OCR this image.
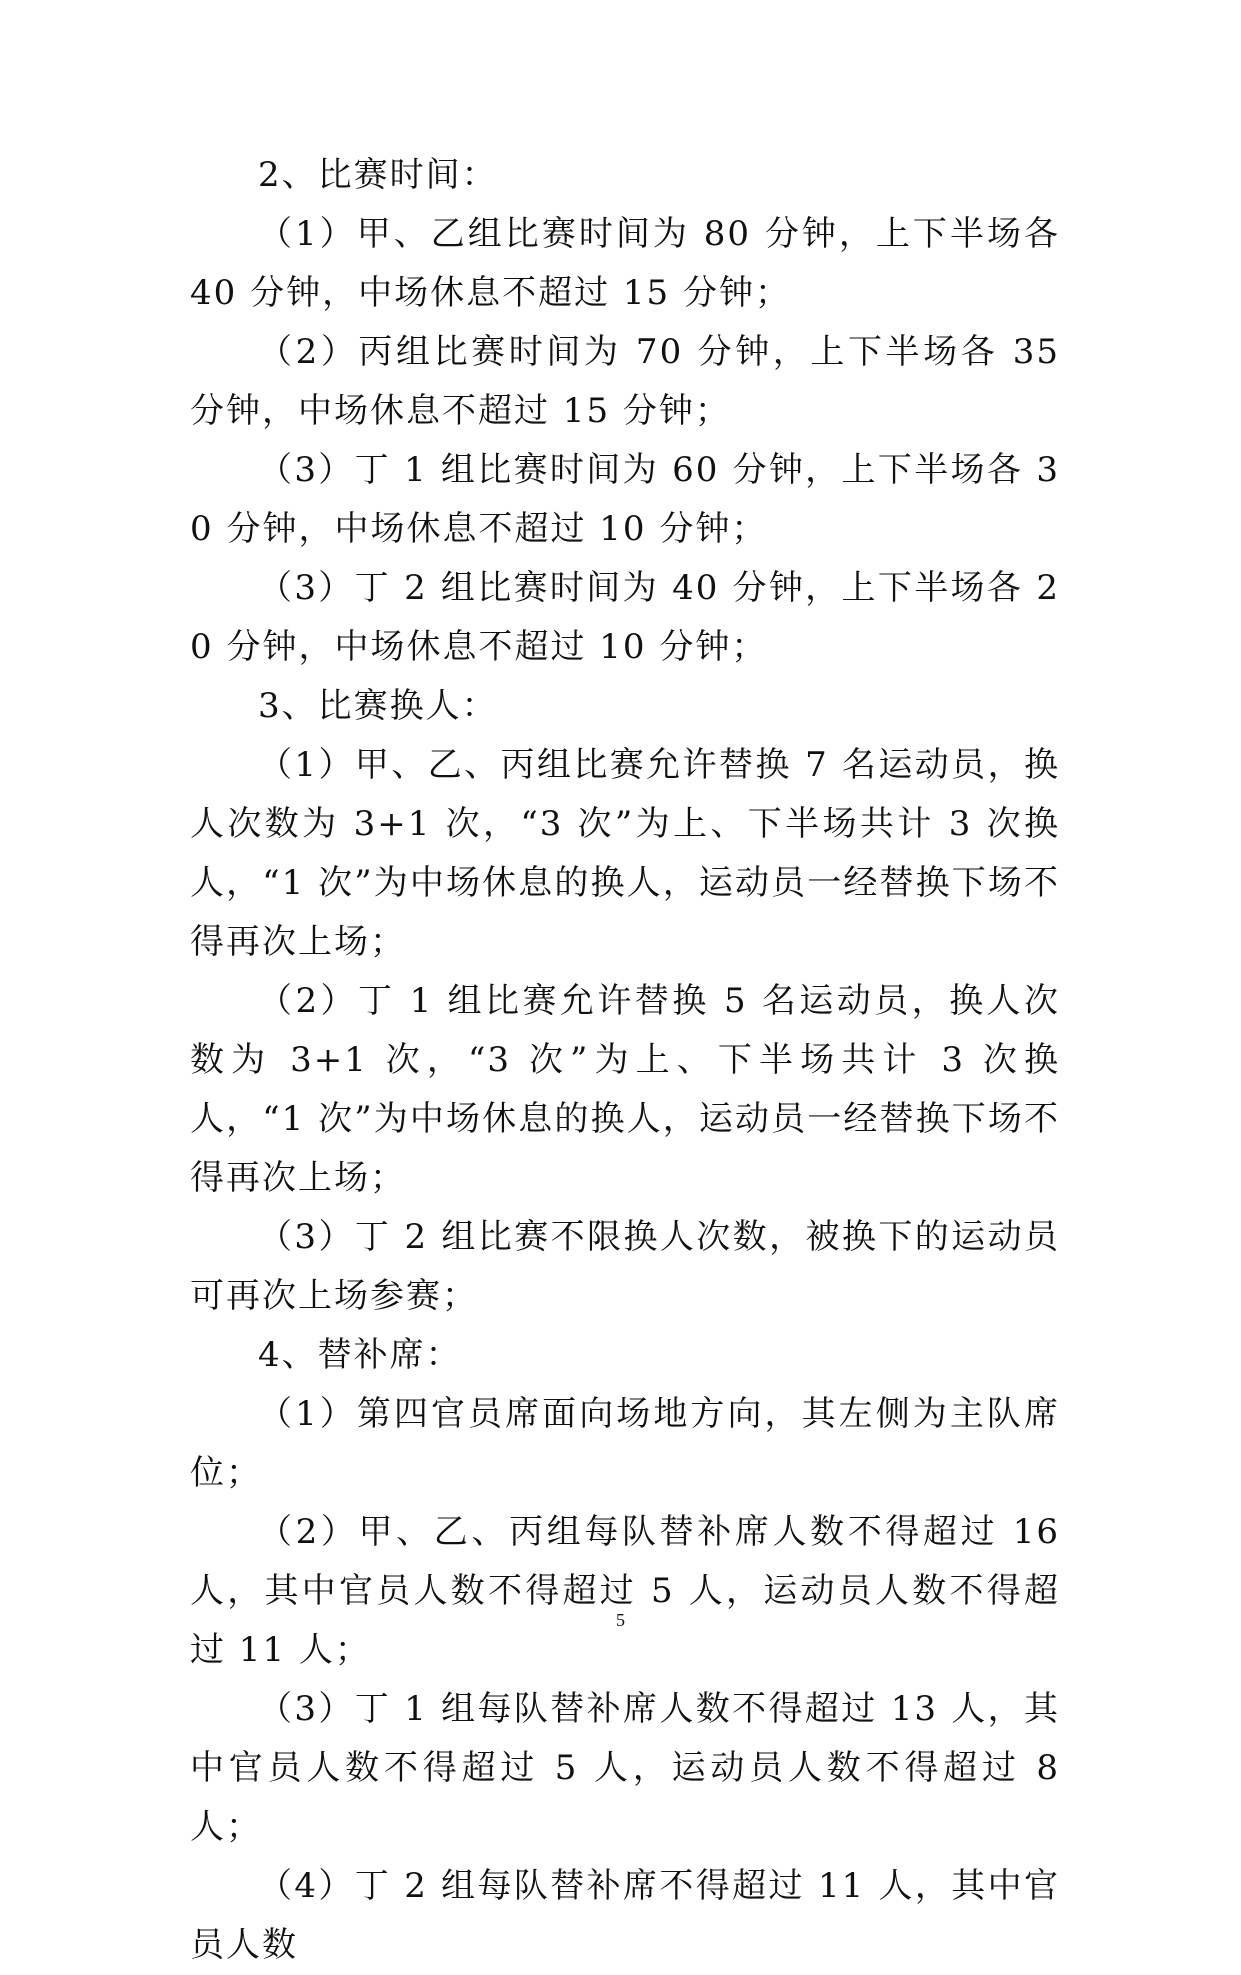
2、比赛时间：

（1）甲、乙组比赛时间为 80 分钟，上下半场各 40 分钟，中场休息不超过 15 分钟；

（2）丙组比赛时间为 70 分钟，上下半场各 35 分钟，中场休息不超过 15 分钟；

（3）丁 1 组比赛时间为 60 分钟，上下半场各 30 分钟，中场休息不超过 10 分钟；

（3）丁 2 组比赛时间为 40 分钟，上下半场各 20 分钟，中场休息不超过 10 分钟；

3、比赛换人：

（1）甲、乙、丙组比赛允许替换 7 名运动员，换人次数为 3+1 次，“3 次”为上、下半场共计 3 次换人，“1 次”为中场休息的换人，运动员一经替换下场不得再次上场；

（2）丁 1 组比赛允许替换 5 名运动员，换人次数为 3+1 次，“3 次”为上、下半场共计 3 次换人，“1 次”为中场休息的换人，运动员一经替换下场不得再次上场；

（3）丁 2 组比赛不限换人次数，被换下的运动员可再次上场参赛；

4、替补席：

（1）第四官员席面向场地方向，其左侧为主队席位；

（2）甲、乙、丙组每队替补席人数不得超过 16 人，其中官员人数不得超过 5 人，运动员人数不得超过 11 人；

（3）丁 1 组每队替补席人数不得超过 13 人，其中官员人数不得超过 5 人，运动员人数不得超过 8 人；

（4）丁 2 组每队替补席不得超过 11 人，其中官员人数

5
